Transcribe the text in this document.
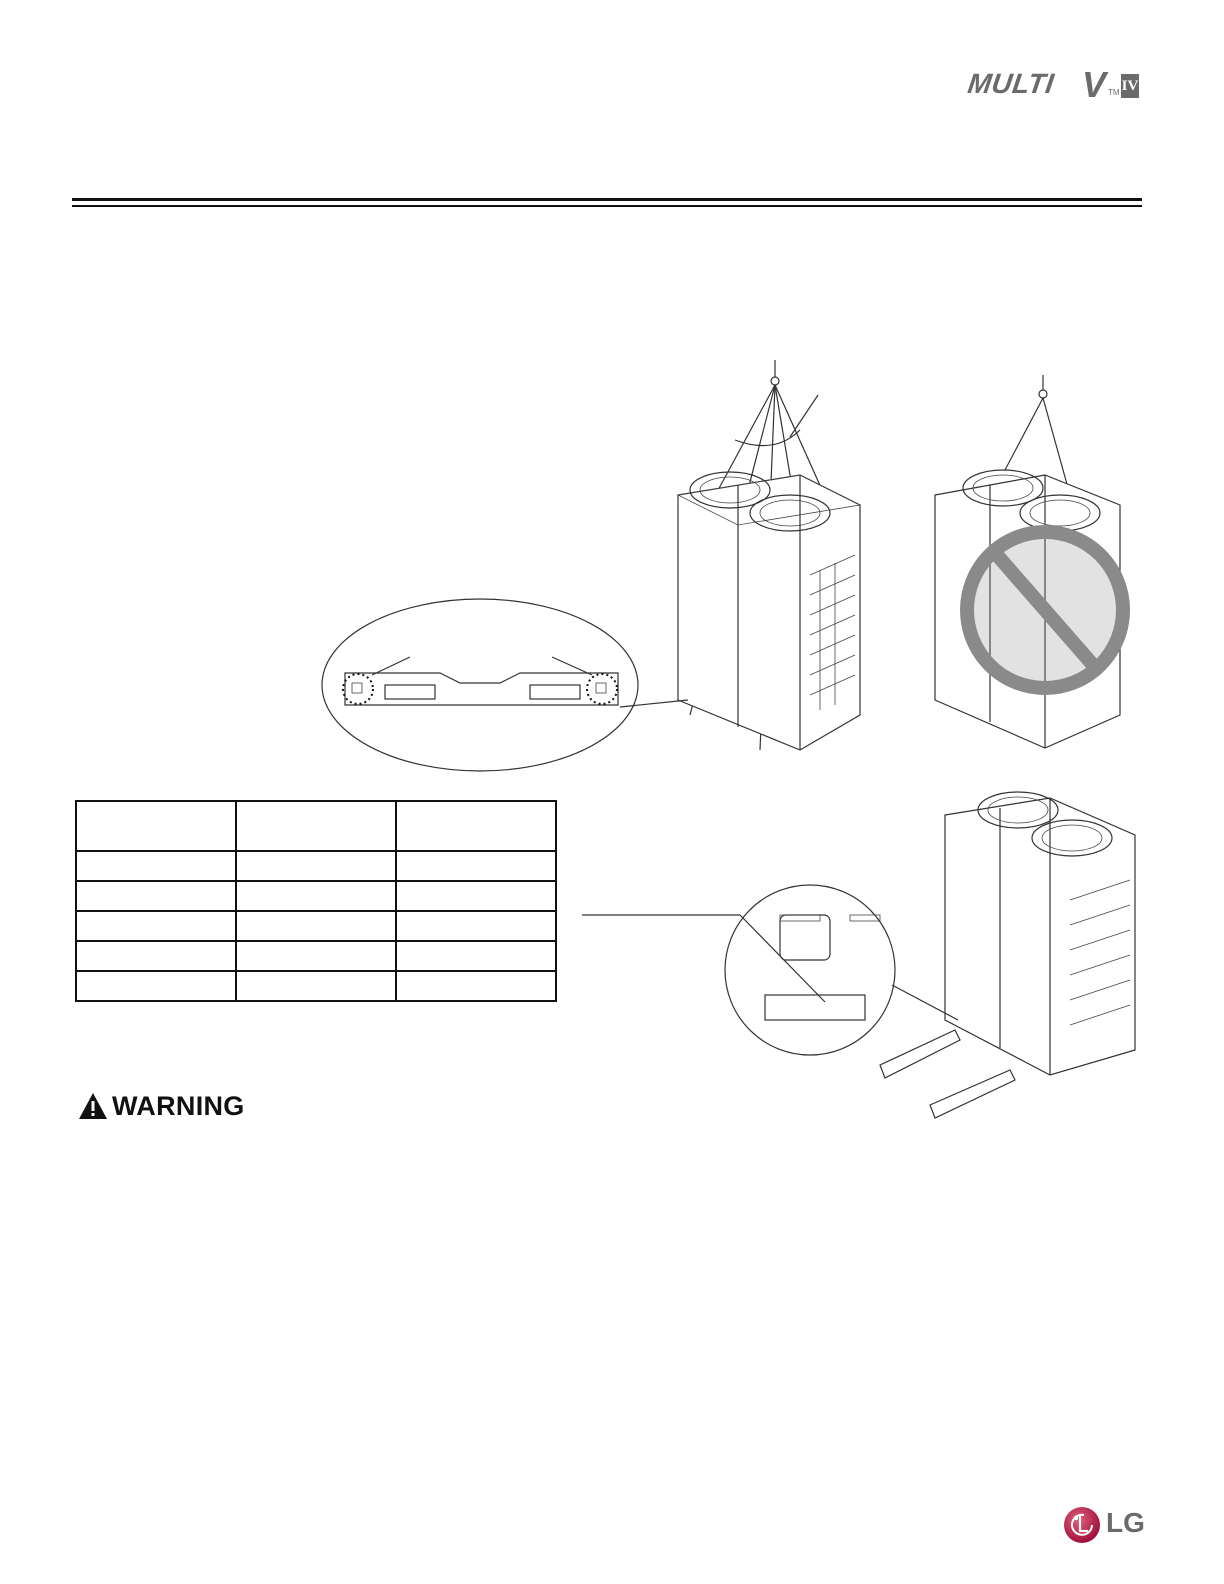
MULTI V TM IV

WARNING
LG
